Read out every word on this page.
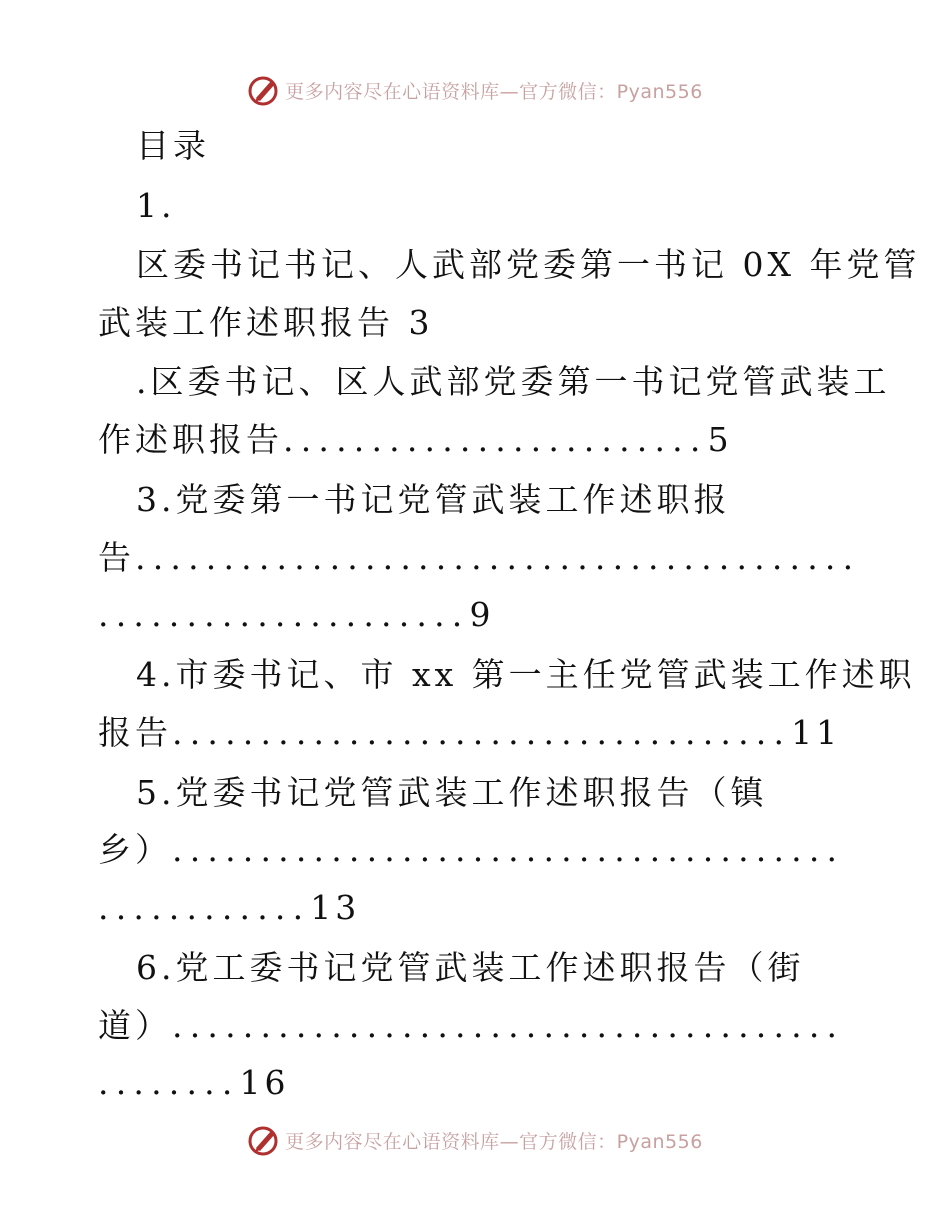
更多内容尽在心语资料库—官方微信：Pyan556
目录
1.
区委书记书记、人武部党委第一书记 0X 年党管
武装工作述职报告 3
.区委书记、区人武部党委第一书记党管武装工
作述职报告........................5
3.党委第一书记党管武装工作述职报
告.........................................
.....................9
4.市委书记、市 xx 第一主任党管武装工作述职
报告...................................11
5.党委书记党管武装工作述职报告（镇
乡）......................................
............13
6.党工委书记党管武装工作述职报告（街
道）......................................
........16
更多内容尽在心语资料库—官方微信：Pyan556
